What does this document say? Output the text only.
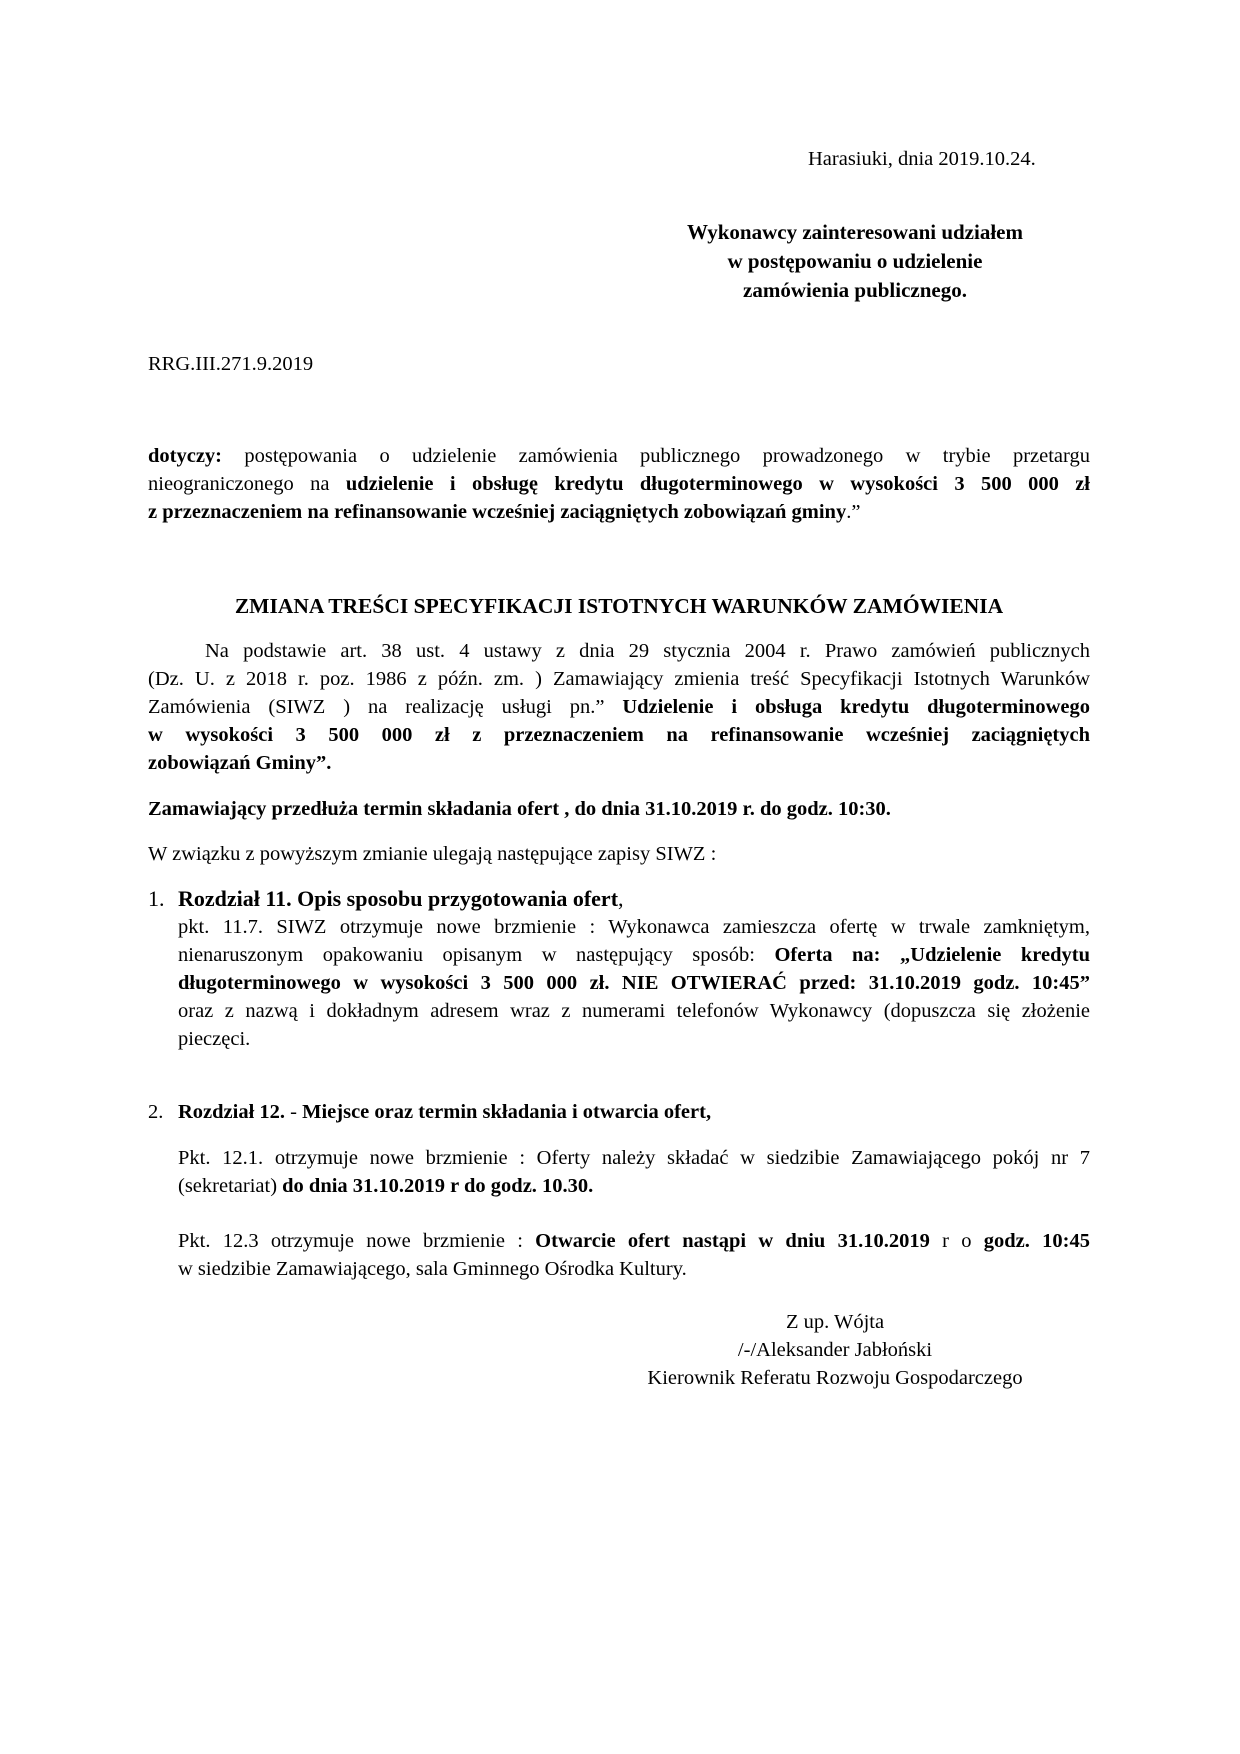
Harasiuki, dnia 2019.10.24.
Wykonawcy zainteresowani udziałem
w postępowaniu o udzielenie
zamówienia publicznego.
RRG.III.271.9.2019
dotyczy: postępowania o udzielenie zamówienia publicznego prowadzonego w trybie przetargu
nieograniczonego na udzielenie i obsługę kredytu długoterminowego w wysokości 3 500 000 zł
z przeznaczeniem na refinansowanie wcześniej zaciągniętych zobowiązań gminy.”
ZMIANA TREŚCI SPECYFIKACJI ISTOTNYCH WARUNKÓW ZAMÓWIENIA
Na podstawie art. 38 ust. 4 ustawy z dnia 29 stycznia 2004 r. Prawo zamówień publicznych
(Dz. U. z 2018 r. poz. 1986 z późn. zm. ) Zamawiający zmienia treść Specyfikacji Istotnych Warunków
Zamówienia (SIWZ ) na realizację usługi pn.” Udzielenie i obsługa kredytu długoterminowego
w wysokości 3 500 000 zł z przeznaczeniem na refinansowanie wcześniej zaciągniętych
zobowiązań Gminy”.
Zamawiający przedłuża termin składania ofert , do dnia 31.10.2019 r. do godz. 10:30.
W związku z powyższym zmianie ulegają następujące zapisy SIWZ :
1. Rozdział 11. Opis sposobu przygotowania ofert,
pkt. 11.7. SIWZ otrzymuje nowe brzmienie : Wykonawca zamieszcza ofertę w trwale zamkniętym,
nienaruszonym opakowaniu opisanym w następujący sposób: Oferta na: „Udzielenie kredytu
długoterminowego w wysokości 3 500 000 zł. NIE OTWIERAĆ przed: 31.10.2019 godz. 10:45”
oraz z nazwą i dokładnym adresem wraz z numerami telefonów Wykonawcy (dopuszcza się złożenie
pieczęci.
2. Rozdział 12. - Miejsce oraz termin składania i otwarcia ofert,
Pkt. 12.1. otrzymuje nowe brzmienie : Oferty należy składać w siedzibie Zamawiającego pokój nr 7
(sekretariat) do dnia 31.10.2019 r do godz. 10.30.
Pkt. 12.3 otrzymuje nowe brzmienie : Otwarcie ofert nastąpi w dniu 31.10.2019 r o godz. 10:45
w siedzibie Zamawiającego, sala Gminnego Ośrodka Kultury.
Z up. Wójta
/-/Aleksander Jabłoński
Kierownik Referatu Rozwoju Gospodarczego
